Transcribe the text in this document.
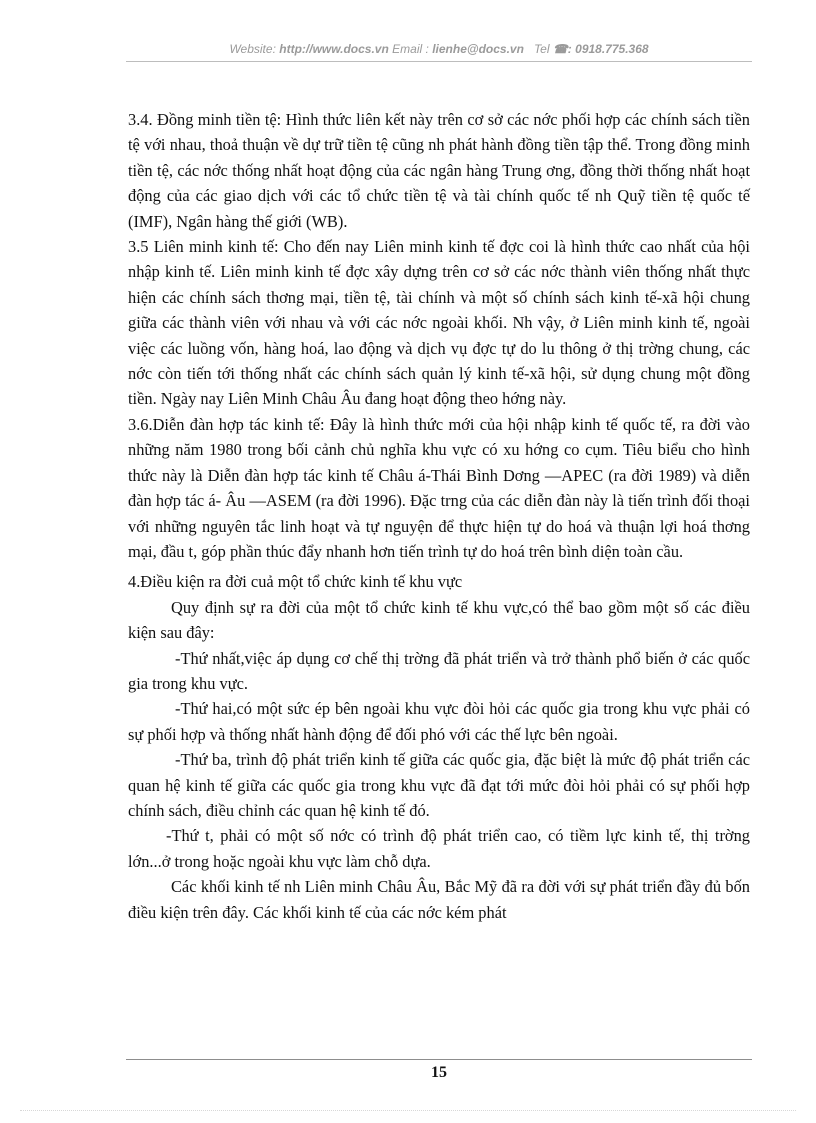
Website: http://www.docs.vn Email : lienhe@docs.vn Tel ☎: 0918.775.368

3.4. Đồng minh tiền tệ: Hình thức liên kết này trên cơ sở các nớc phối hợp các chính sách tiền tệ với nhau, thoả thuận về dự trữ tiền tệ cũng nh phát hành đồng tiền tập thể. Trong đồng minh tiền tệ, các nớc thống nhất hoạt động của các ngân hàng Trung ơng, đồng thời thống nhất hoạt động của các giao dịch với các tổ chức tiền tệ và tài chính quốc tế nh Quỹ tiền tệ quốc tế (IMF), Ngân hàng thế giới (WB).

3.5 Liên minh kinh tế: Cho đến nay Liên minh kinh tế đợc coi là hình thức cao nhất của hội nhập kinh tế. Liên minh kinh tế đợc xây dựng trên cơ sở các nớc thành viên thống nhất thực hiện các chính sách thơng mại, tiền tệ, tài chính và một số chính sách kinh tế-xã hội chung giữa các thành viên với nhau và với các nớc ngoài khối. Nh vậy, ở Liên minh kinh tế, ngoài việc các luồng vốn, hàng hoá, lao động và dịch vụ đợc tự do lu thông ở thị trờng chung, các nớc còn tiến tới thống nhất các chính sách quản lý kinh tế-xã hội, sử dụng chung một đồng tiền. Ngày nay Liên Minh Châu Âu đang hoạt động theo hớng này.

3.6.Diễn đàn hợp tác kinh tế: Đây là hình thức mới của hội nhập kinh tế quốc tế, ra đời vào những năm 1980 trong bối cảnh chủ nghĩa khu vực có xu hớng co cụm. Tiêu biểu cho hình thức này là Diễn đàn hợp tác kinh tế Châu á-Thái Bình Dơng —APEC (ra đời 1989) và diễn đàn hợp tác á- Âu —ASEM (ra đời 1996). Đặc trng của các diễn đàn này là tiến trình đối thoại với những nguyên tắc linh hoạt và tự nguyện để thực hiện tự do hoá và thuận lợi hoá thơng mại, đầu t, góp phần thúc đẩy nhanh hơn tiến trình tự do hoá trên bình diện toàn cầu.

4.Điều kiện ra đời cuả một tổ chức kinh tế khu vực

Quy định sự ra đời của một tổ chức kinh tế khu vực,có thể bao gồm một số các điều kiện sau đây:

-Thứ nhất,việc áp dụng cơ chế thị trờng đã phát triển và trở thành phổ biến ở các quốc gia trong khu vực.

-Thứ hai,có một sức ép bên ngoài khu vực đòi hỏi các quốc gia trong khu vực phải có sự phối hợp và thống nhất hành động để đối phó với các thế lực bên ngoài.

-Thứ ba, trình độ phát triển kinh tế giữa các quốc gia, đặc biệt là mức độ phát triển các quan hệ kinh tế giữa các quốc gia trong khu vực đã đạt tới mức đòi hỏi phải có sự phối hợp chính sách, điều chỉnh các quan hệ kinh tế đó.

-Thứ t, phải có một số nớc có trình độ phát triển cao, có tiềm lực kinh tế, thị trờng lớn...ở trong hoặc ngoài khu vực làm chỗ dựa.

Các khối kinh tế nh Liên minh Châu Âu, Bắc Mỹ đã ra đời với sự phát triển đầy đủ bốn điều kiện trên đây. Các khối kinh tế của các nớc kém phát

15
